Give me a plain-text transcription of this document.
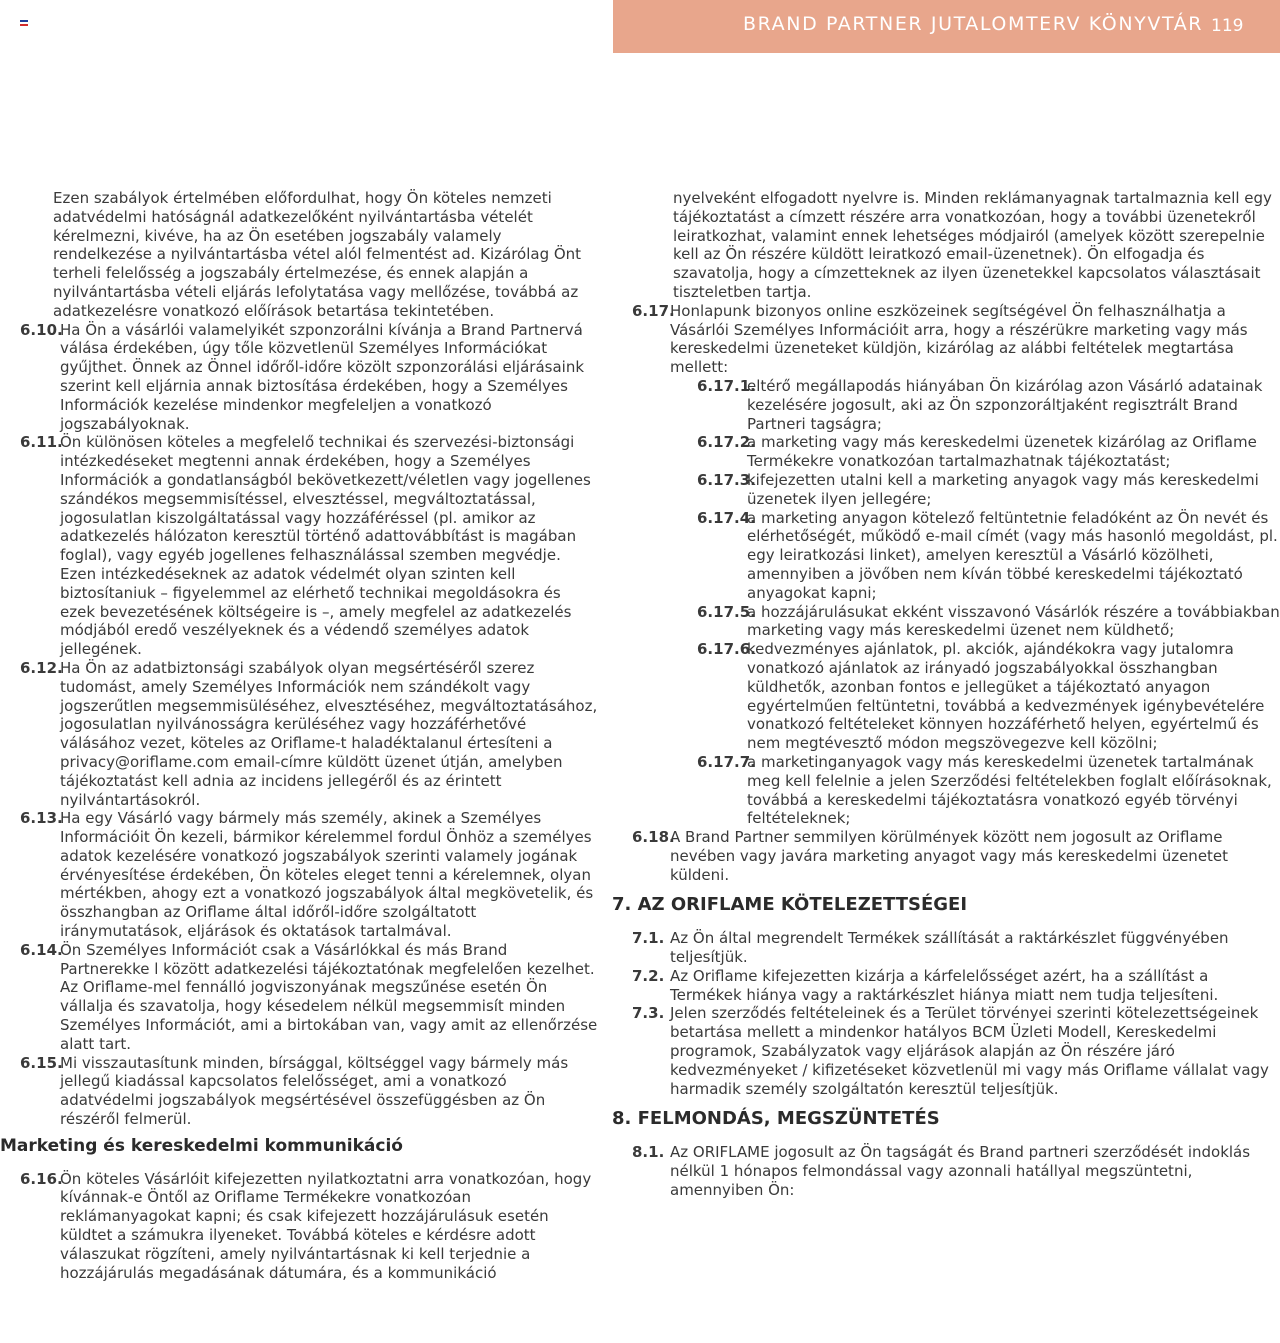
BRAND PARTNER JUTALOMTERV KÖNYVTÁR 119

Ezen szabályok értelmében előfordulhat, hogy Ön köteles nemzeti adatvédelmi hatóságnál adatkezelőként nyilvántartásba vételét kérelmezni, kivéve, ha az Ön esetében jogszabály valamely rendelkezése a nyilvántartásba vétel alól felmentést ad. Kizárólag Önt terheli felelősség a jogszabály értelmezése, és ennek alapján a nyilvántartásba vételi eljárás lefolytatása vagy mellőzése, továbbá az adatkezelésre vonatkozó előírások betartása tekintetében.

6.10.

Ha Ön a vásárlói valamelyikét szponzorálni kívánja a Brand Partnervá válása érdekében, úgy tőle közvetlenül Személyes Információkat gyűjthet. Önnek az Önnel időről-időre közölt szponzorálási eljárásaink szerint kell eljárnia annak biztosítása érdekében, hogy a Személyes Információk kezelése mindenkor megfeleljen a vonatkozó jogszabályoknak.

6.11.

Ön különösen köteles a megfelelő technikai és szervezési-biztonsági intézkedéseket megtenni annak érdekében, hogy a Személyes Információk a gondatlanságból bekövetkezett/véletlen vagy jogellenes szándékos megsemmisítéssel, elvesztéssel, megváltoztatással, jogosulatlan kiszolgáltatással vagy hozzáféréssel (pl. amikor az adatkezelés hálózaton keresztül történő adattovábbítást is magában foglal), vagy egyéb jogellenes felhasználással szemben megvédje. Ezen intézkedéseknek az adatok védelmét olyan szinten kell biztosítaniuk – figyelemmel az elérhető technikai megoldásokra és ezek bevezetésének költségeire is –, amely megfelel az adatkezelés módjából eredő veszélyeknek és a védendő személyes adatok jellegének.

6.12.

Ha Ön az adatbiztonsági szabályok olyan megsértéséről szerez tudomást, amely Személyes Információk nem szándékolt vagy jogszerűtlen megsemmisüléséhez, elvesztéséhez, megváltoztatásához, jogosulatlan nyilvánosságra kerüléséhez vagy hozzáférhetővé válásához vezet, köteles az Oriflame-t haladéktalanul értesíteni a privacy@oriflame.com email-címre küldött üzenet útján, amelyben tájékoztatást kell adnia az incidens jellegéről és az érintett nyilvántartásokról.

6.13.

Ha egy Vásárló vagy bármely más személy, akinek a Személyes Információit Ön kezeli, bármikor kérelemmel fordul Önhöz a személyes adatok kezelésére vonatkozó jogszabályok szerinti valamely jogának érvényesítése érdekében, Ön köteles eleget tenni a kérelemnek, olyan mértékben, ahogy ezt a vonatkozó jogszabályok által megkövetelik, és összhangban az Oriflame által időről-időre szolgáltatott iránymutatások, eljárások és oktatások tartalmával.

6.14.

Ön Személyes Információt csak a Vásárlókkal és más Brand Partnerekke l között adatkezelési tájékoztatónak megfelelően kezelhet. Az Oriflame-mel fennálló jogviszonyának megszűnése esetén Ön vállalja és szavatolja, hogy késedelem nélkül megsemmisít minden Személyes Információt, ami a birtokában van, vagy amit az ellenőrzése alatt tart.

6.15.

Mi visszautasítunk minden, bírsággal, költséggel vagy bármely más jellegű kiadással kapcsolatos felelősséget, ami a vonatkozó adatvédelmi jogszabályok megsértésével összefüggésben az Ön részéről felmerül.

Marketing és kereskedelmi kommunikáció
6.16.

Ön köteles Vásárlóit kifejezetten nyilatkoztatni arra vonatkozóan, hogy kívánnak-e Öntől az Oriflame Termékekre vonatkozóan reklámanyagokat kapni; és csak kifejezett hozzájárulásuk esetén küldtet a számukra ilyeneket. Továbbá köteles e kérdésre adott válaszukat rögzíteni, amely nyilvántartásnak ki kell terjednie a hozzájárulás megadásának dátumára, és a kommunikáció

nyelveként elfogadott nyelvre is. Minden reklámanyagnak tartalmaznia kell egy tájékoztatást a címzett részére arra vonatkozóan, hogy a további üzenetekről leiratkozhat, valamint ennek lehetséges módjairól (amelyek között szerepelnie kell az Ön részére küldött leiratkozó email-üzenetnek). Ön elfogadja és szavatolja, hogy a címzetteknek az ilyen üzenetekkel kapcsolatos választásait tiszteletben tartja.

6.17.

Honlapunk bizonyos online eszközeinek segítségével Ön felhasználhatja a Vásárlói Személyes Információit arra, hogy a részérükre marketing vagy más kereskedelmi üzeneteket küldjön, kizárólag az alábbi feltételek megtartása mellett:

6.17.1.

eltérő megállapodás hiányában Ön kizárólag azon Vásárló adatainak kezelésére jogosult, aki az Ön szponzoráltjaként regisztrált Brand Partneri tagságra;

6.17.2.

a marketing vagy más kereskedelmi üzenetek kizárólag az Oriflame Termékekre vonatkozóan tartalmazhatnak tájékoztatást;

6.17.3.

kifejezetten utalni kell a marketing anyagok vagy más kereskedelmi üzenetek ilyen jellegére;

6.17.4.

a marketing anyagon kötelező feltüntetnie feladóként az Ön nevét és elérhetőségét, működő e-mail címét (vagy más hasonló megoldást, pl. egy leiratkozási linket), amelyen keresztül a Vásárló közölheti, amennyiben a jövőben nem kíván többé kereskedelmi tájékoztató anyagokat kapni;

6.17.5.

a hozzájárulásukat ekként visszavonó Vásárlók részére a továbbiakban marketing vagy más kereskedelmi üzenet nem küldhető;

6.17.6.

kedvezményes ajánlatok, pl. akciók, ajándékokra vagy jutalomra vonatkozó ajánlatok az irányadó jogszabályokkal összhangban küldhetők, azonban fontos e jellegüket a tájékoztató anyagon egyértelműen feltüntetni, továbbá a kedvezmények igénybevételére vonatkozó feltételeket könnyen hozzáférhető helyen, egyértelmű és nem megtévesztő módon megszövegezve kell közölni;

6.17.7.

a marketinganyagok vagy más kereskedelmi üzenetek tartalmának meg kell felelnie a jelen Szerződési feltételekben foglalt előírásoknak, továbbá a kereskedelmi tájékoztatásra vonatkozó egyéb törvényi feltételeknek;

6.18.

A Brand Partner semmilyen körülmények között nem jogosult az Oriflame nevében vagy javára marketing anyagot vagy más kereskedelmi üzenetet küldeni.

7. AZ ORIFLAME KÖTELEZETTSÉGEI
7.1. Az Ön által megrendelt Termékek szállítását a raktárkészlet függvényében teljesítjük.

7.2. Az Oriflame kifejezetten kizárja a kárfelelősséget azért, ha a szállítást a Termékek hiánya vagy a raktárkészlet hiánya miatt nem tudja teljesíteni.

7.3. Jelen szerződés feltételeinek és a Terület törvényei szerinti kötelezettségeinek betartása mellett a mindenkor hatályos BCM Üzleti Modell, Kereskedelmi programok, Szabályzatok vagy eljárások alapján az Ön részére járó kedvezményeket / kifizetéseket közvetlenül mi vagy más Oriflame vállalat vagy harmadik személy szolgáltatón keresztül teljesítjük.

8. FELMONDÁS, MEGSZÜNTETÉS
8.1. Az ORIFLAME jogosult az Ön tagságát és Brand partneri szerződését indoklás nélkül 1 hónapos felmondással vagy azonnali hatállyal megszüntetni, amennyiben Ön:
